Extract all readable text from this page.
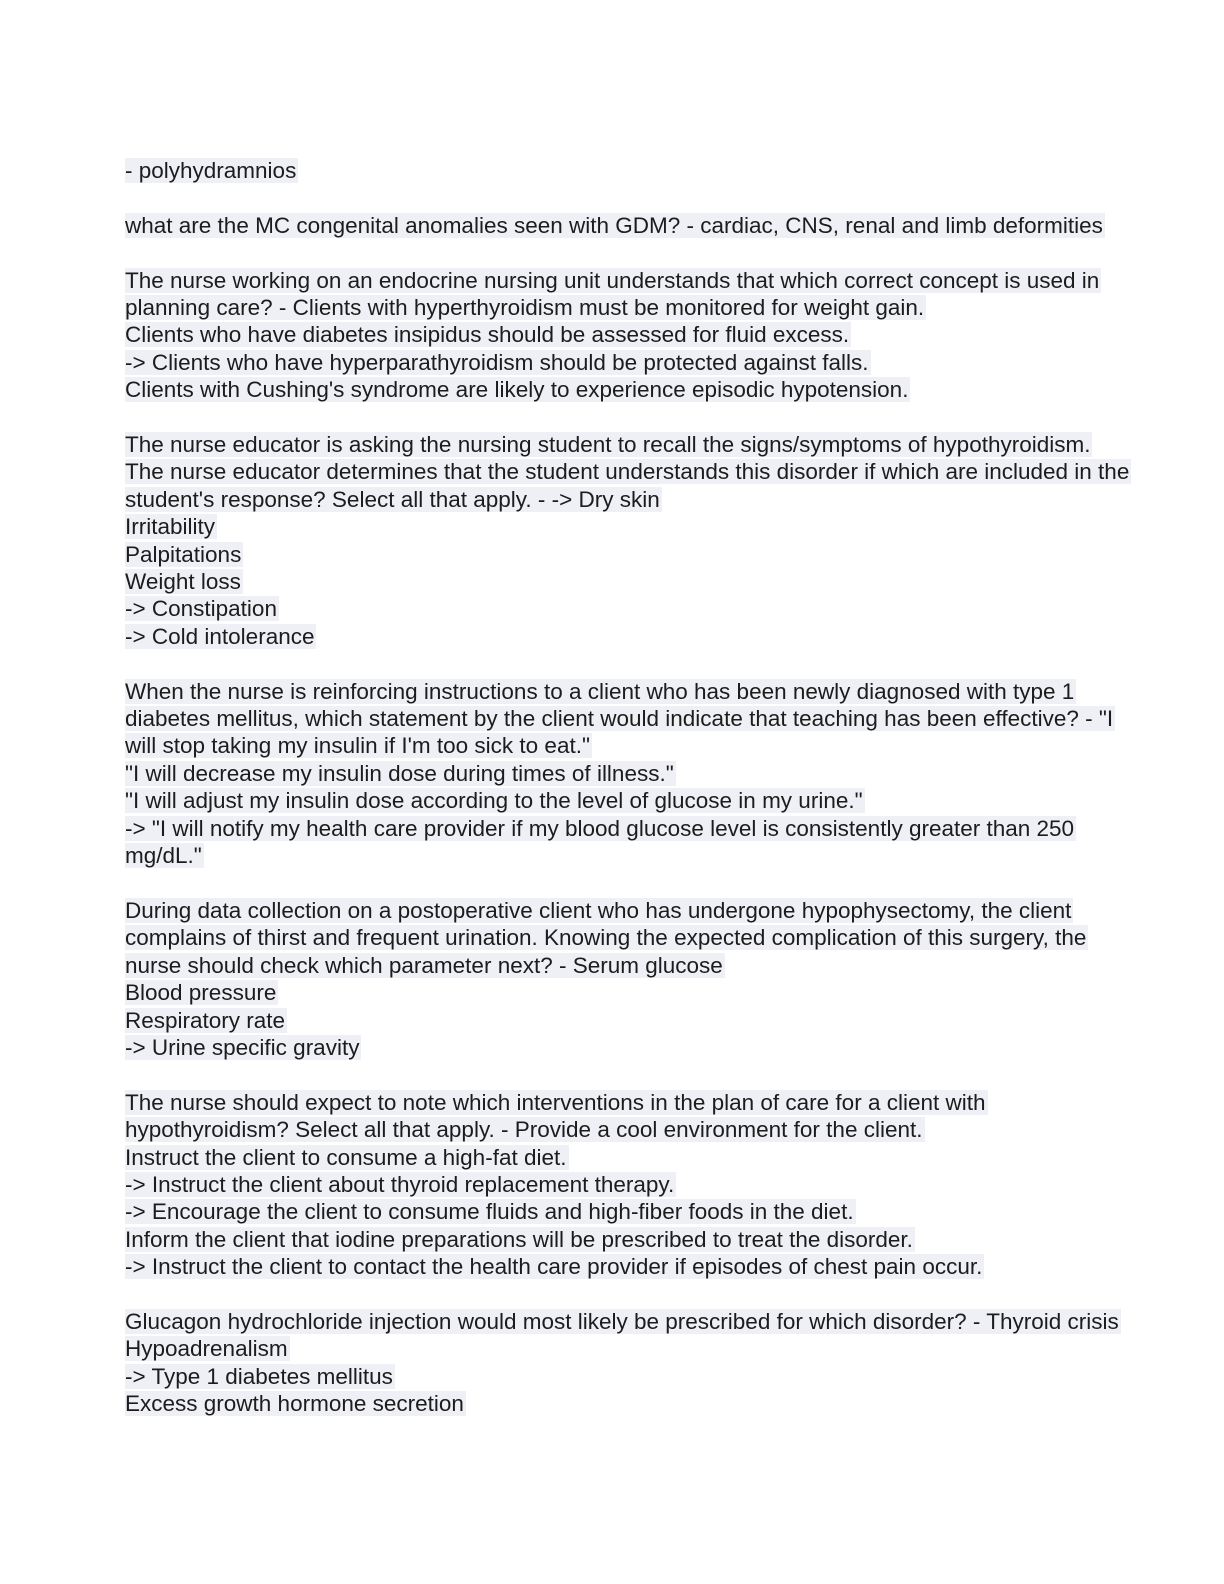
- polyhydramnios
what are the MC congenital anomalies seen with GDM? - cardiac, CNS, renal and limb deformities
The nurse working on an endocrine nursing unit understands that which correct concept is used in planning care? - Clients with hyperthyroidism must be monitored for weight gain.
Clients who have diabetes insipidus should be assessed for fluid excess.
-> Clients who have hyperparathyroidism should be protected against falls.
Clients with Cushing's syndrome are likely to experience episodic hypotension.
The nurse educator is asking the nursing student to recall the signs/symptoms of hypothyroidism. The nurse educator determines that the student understands this disorder if which are included in the student's response? Select all that apply. - -> Dry skin
Irritability
Palpitations
Weight loss
-> Constipation
-> Cold intolerance
When the nurse is reinforcing instructions to a client who has been newly diagnosed with type 1 diabetes mellitus, which statement by the client would indicate that teaching has been effective? - "I will stop taking my insulin if I'm too sick to eat."
"I will decrease my insulin dose during times of illness."
"I will adjust my insulin dose according to the level of glucose in my urine."
-> "I will notify my health care provider if my blood glucose level is consistently greater than 250 mg/dL."
During data collection on a postoperative client who has undergone hypophysectomy, the client complains of thirst and frequent urination. Knowing the expected complication of this surgery, the nurse should check which parameter next? - Serum glucose
Blood pressure
Respiratory rate
-> Urine specific gravity
The nurse should expect to note which interventions in the plan of care for a client with hypothyroidism? Select all that apply. - Provide a cool environment for the client.
Instruct the client to consume a high-fat diet.
-> Instruct the client about thyroid replacement therapy.
-> Encourage the client to consume fluids and high-fiber foods in the diet.
Inform the client that iodine preparations will be prescribed to treat the disorder.
-> Instruct the client to contact the health care provider if episodes of chest pain occur.
Glucagon hydrochloride injection would most likely be prescribed for which disorder? - Thyroid crisis
Hypoadrenalism
-> Type 1 diabetes mellitus
Excess growth hormone secretion
